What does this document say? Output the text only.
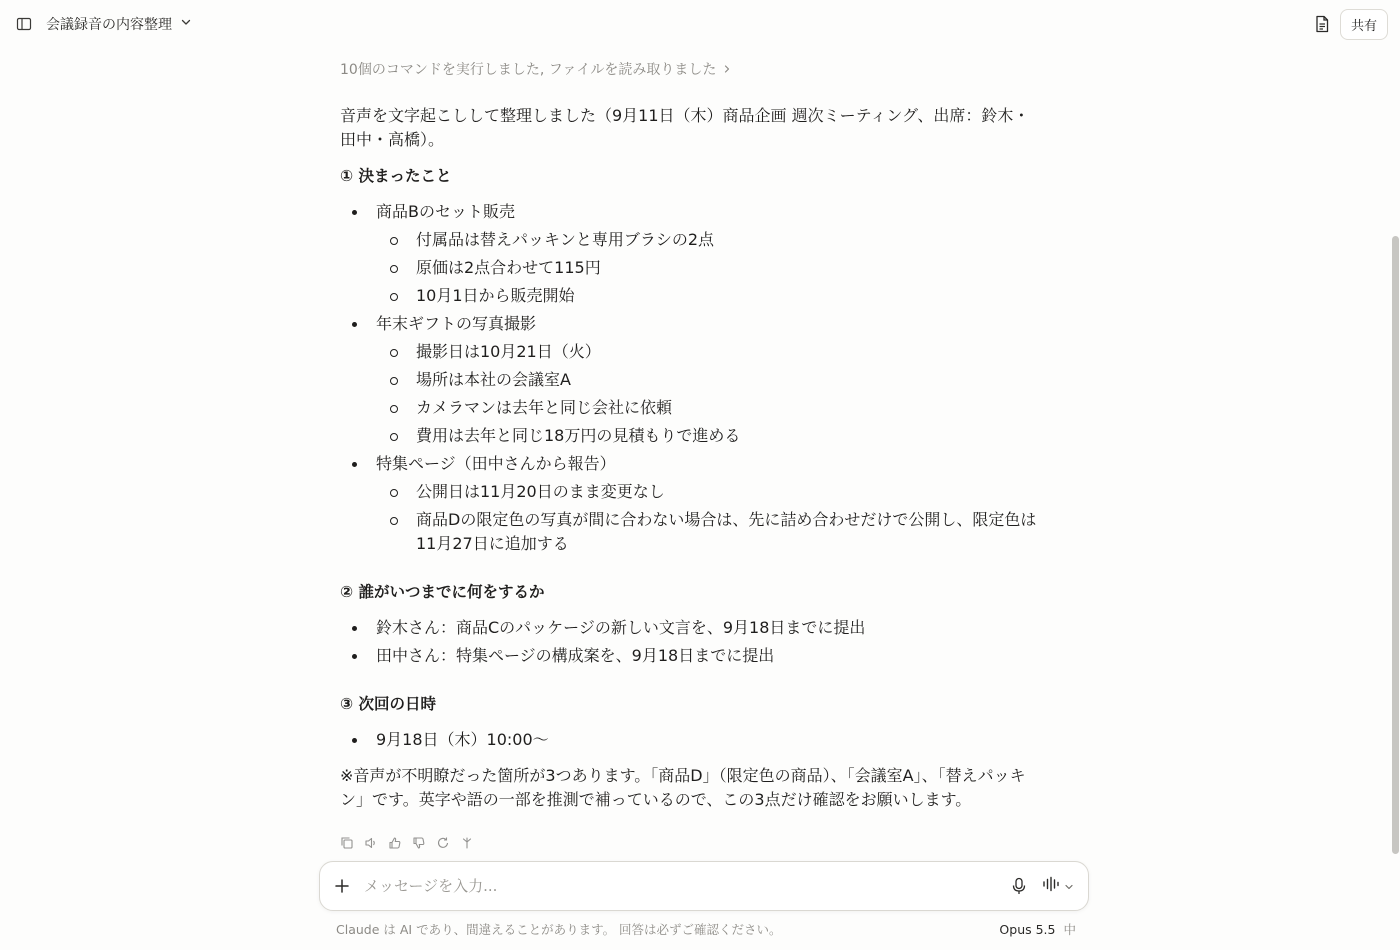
会議録音の内容整理	共有
10個のコマンドを実行しました, ファイルを読み取りました

音声を文字起こしして整理しました（9月11日（木）商品企画 週次ミーティング、出席：鈴木・田中・高橋）。

① 決まったこと
商品Bのセット販売
付属品は替えパッキンと専用ブラシの2点
原価は2点合わせて115円
10月1日から販売開始
年末ギフトの写真撮影
撮影日は10月21日（火）
場所は本社の会議室A
カメラマンは去年と同じ会社に依頼
費用は去年と同じ18万円の見積もりで進める
特集ページ（田中さんから報告）
公開日は11月20日のまま変更なし
商品Dの限定色の写真が間に合わない場合は、先に詰め合わせだけで公開し、限定色は11月27日に追加する
② 誰がいつまでに何をするか
鈴木さん：商品Cのパッケージの新しい文言を、9月18日までに提出
田中さん：特集ページの構成案を、9月18日までに提出
③ 次回の日時
9月18日（木）10:00〜

※音声が不明瞭だった箇所が3つあります。「商品D」（限定色の商品）、「会議室A」、「替えパッキン」です。英字や語の一部を推測で補っているので、この3点だけ確認をお願いします。

メッセージを入力...
Claude は AI であり、間違えることがあります。 回答は必ずご確認ください。	Opus 5.5 中
